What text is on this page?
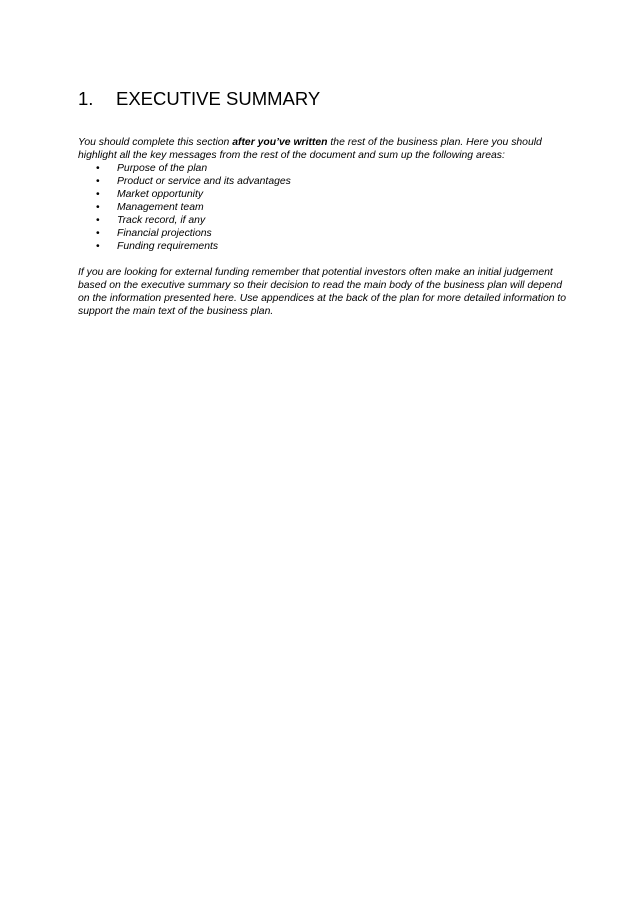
1. EXECUTIVE SUMMARY

You should complete this section after you’ve written the rest of the business plan. Here you should highlight all the key messages from the rest of the document and sum up the following areas:

• Purpose of the plan
• Product or service and its advantages
• Market opportunity
• Management team
• Track record, if any
• Financial projections
• Funding requirements

If you are looking for external funding remember that potential investors often make an initial judgement based on the executive summary so their decision to read the main body of the business plan will depend on the information presented here. Use appendices at the back of the plan for more detailed information to support the main text of the business plan.
